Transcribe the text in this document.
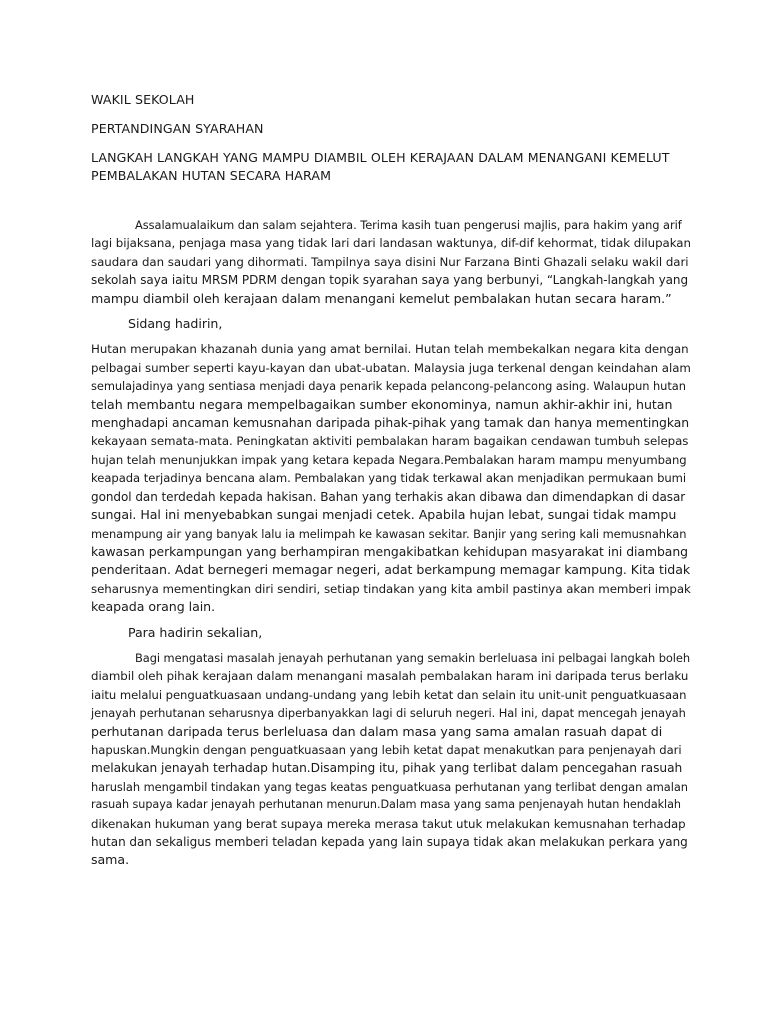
WAKIL SEKOLAH
PERTANDINGAN SYARAHAN
LANGKAH LANGKAH YANG MAMPU DIAMBIL OLEH KERAJAAN DALAM MENANGANI KEMELUT
PEMBALAKAN HUTAN SECARA HARAM
Assalamualaikum dan salam sejahtera. Terima kasih tuan pengerusi majlis, para hakim yang arif
lagi bijaksana, penjaga masa yang tidak lari dari landasan waktunya, dif-dif kehormat, tidak dilupakan
saudara dan saudari yang dihormati. Tampilnya saya disini Nur Farzana Binti Ghazali selaku wakil dari
sekolah saya iaitu MRSM PDRM dengan topik syarahan saya yang berbunyi, “Langkah-langkah yang
mampu diambil oleh kerajaan dalam menangani kemelut pembalakan hutan secara haram.”
Sidang hadirin,
Hutan merupakan khazanah dunia yang amat bernilai. Hutan telah membekalkan negara kita dengan
pelbagai sumber seperti kayu-kayan dan ubat-ubatan. Malaysia juga terkenal dengan keindahan alam
semulajadinya yang sentiasa menjadi daya penarik kepada pelancong-pelancong asing. Walaupun hutan
telah membantu negara mempelbagaikan sumber ekonominya, namun akhir-akhir ini, hutan
menghadapi ancaman kemusnahan daripada pihak-pihak yang tamak dan hanya mementingkan
kekayaan semata-mata. Peningkatan aktiviti pembalakan haram bagaikan cendawan tumbuh selepas
hujan telah menunjukkan impak yang ketara kepada Negara.Pembalakan haram mampu menyumbang
keapada terjadinya bencana alam. Pembalakan yang tidak terkawal akan menjadikan permukaan bumi
gondol dan terdedah kepada hakisan. Bahan yang terhakis akan dibawa dan dimendapkan di dasar
sungai. Hal ini menyebabkan sungai menjadi cetek. Apabila hujan lebat, sungai tidak mampu
menampung air yang banyak lalu ia melimpah ke kawasan sekitar. Banjir yang sering kali memusnahkan
kawasan perkampungan yang berhampiran mengakibatkan kehidupan masyarakat ini diambang
penderitaan. Adat bernegeri memagar negeri, adat berkampung memagar kampung. Kita tidak
seharusnya mementingkan diri sendiri, setiap tindakan yang kita ambil pastinya akan memberi impak
keapada orang lain.
Para hadirin sekalian,
Bagi mengatasi masalah jenayah perhutanan yang semakin berleluasa ini pelbagai langkah boleh
diambil oleh pihak kerajaan dalam menangani masalah pembalakan haram ini daripada terus berlaku
iaitu melalui penguatkuasaan undang-undang yang lebih ketat dan selain itu unit-unit penguatkuasaan
jenayah perhutanan seharusnya diperbanyakkan lagi di seluruh negeri. Hal ini, dapat mencegah jenayah
perhutanan daripada terus berleluasa dan dalam masa yang sama amalan rasuah dapat di
hapuskan.Mungkin dengan penguatkuasaan yang lebih ketat dapat menakutkan para penjenayah dari
melakukan jenayah terhadap hutan.Disamping itu, pihak yang terlibat dalam pencegahan rasuah
haruslah mengambil tindakan yang tegas keatas penguatkuasa perhutanan yang terlibat dengan amalan
rasuah supaya kadar jenayah perhutanan menurun.Dalam masa yang sama penjenayah hutan hendaklah
dikenakan hukuman yang berat supaya mereka merasa takut utuk melakukan kemusnahan terhadap
hutan dan sekaligus memberi teladan kepada yang lain supaya tidak akan melakukan perkara yang
sama.
